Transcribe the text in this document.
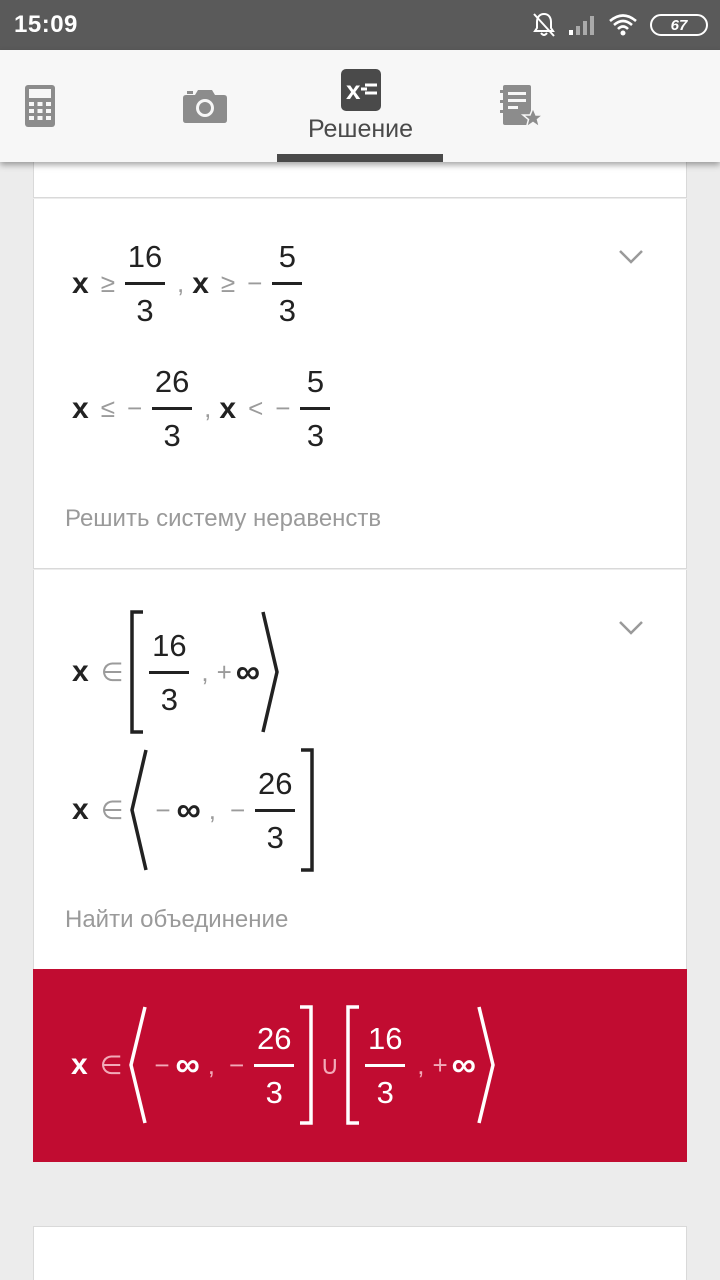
15:09	67
x
Решение
$x \ge \frac{16}{3}$ , x ≥ − $\frac{5}{3}$
x ≤ − $\frac{26}{3}$ , x < − $\frac{5}{3}$
Решить систему неравенств
x ∈ $\frac{16}{3}$ , + ∞
x ∈ − ∞ , − $\frac{26}{3}$
Найти объединение
x ∈ − ∞ , − $\frac{26}{3}$ ∪ $\frac{16}{3}$ , + ∞
